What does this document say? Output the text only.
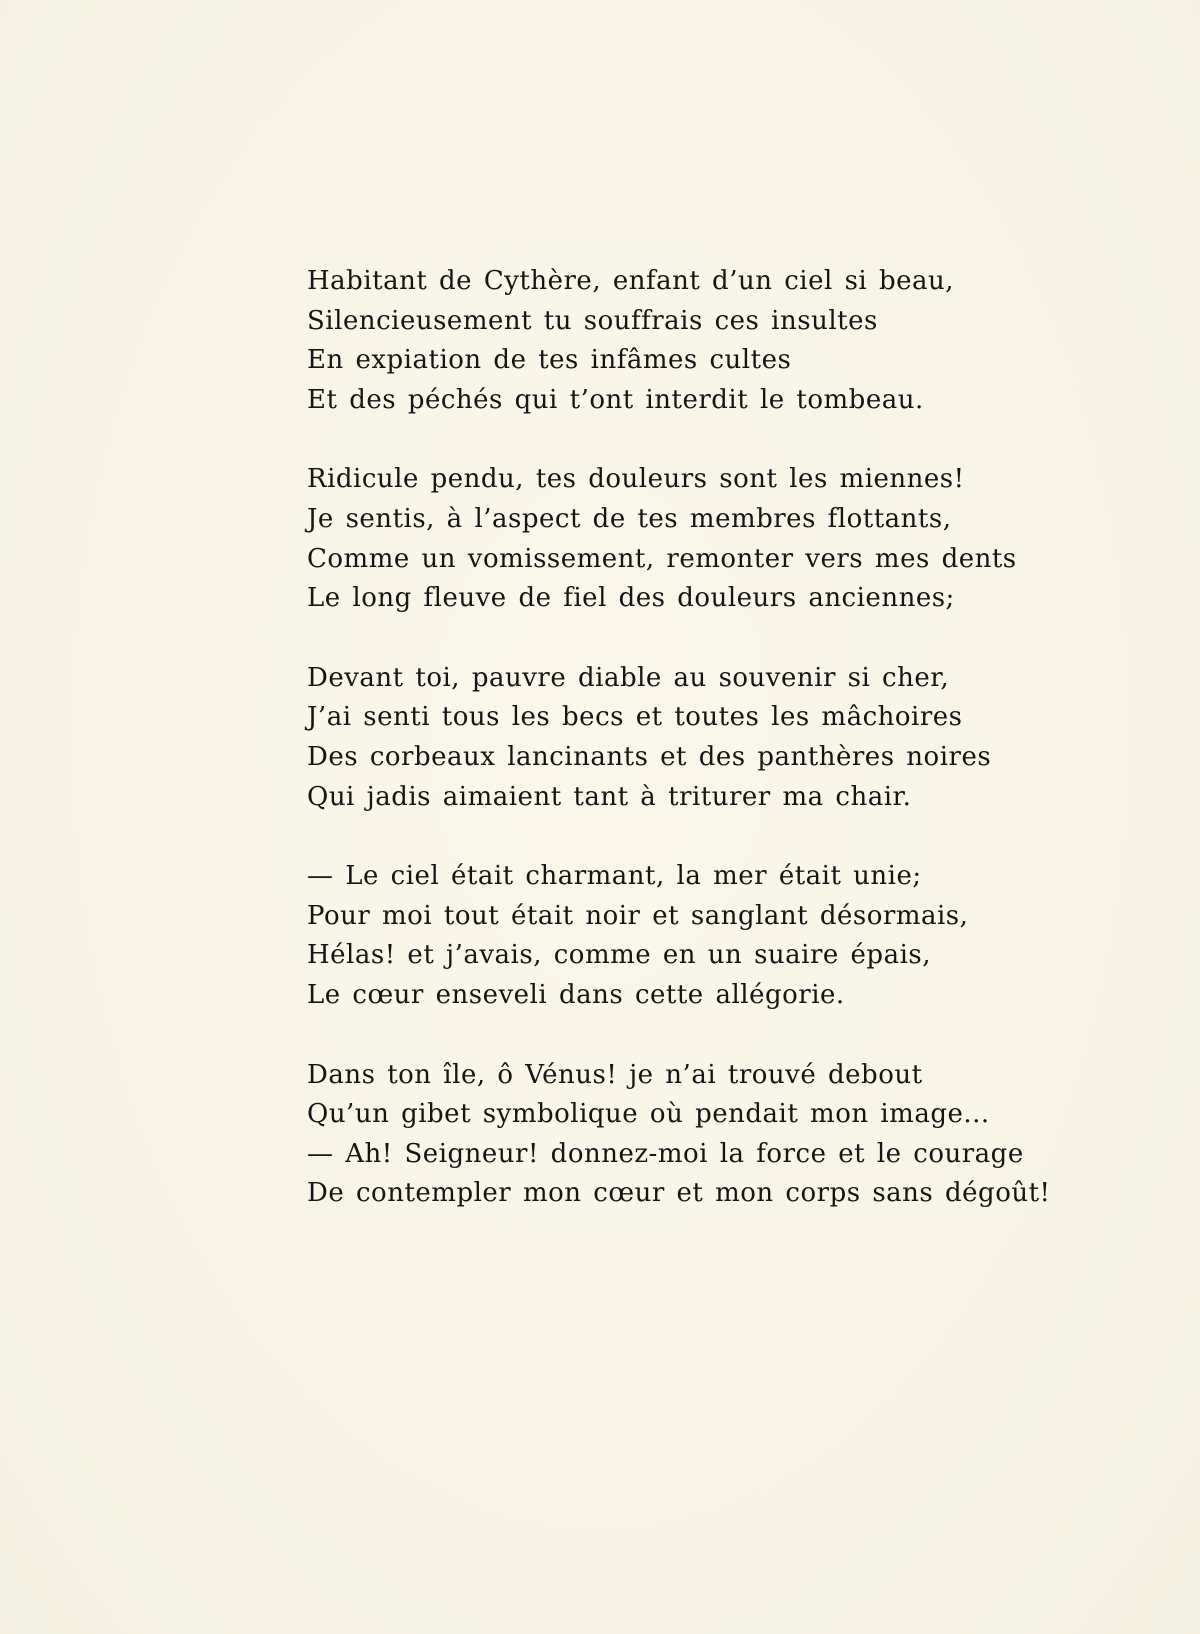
Habitant de Cythère, enfant d’un ciel si beau,
Silencieusement tu souffrais ces insultes
En expiation de tes infâmes cultes
Et des péchés qui t’ont interdit le tombeau.
Ridicule pendu, tes douleurs sont les miennes!
Je sentis, à l’aspect de tes membres flottants,
Comme un vomissement, remonter vers mes dents
Le long fleuve de fiel des douleurs anciennes;
Devant toi, pauvre diable au souvenir si cher,
J’ai senti tous les becs et toutes les mâchoires
Des corbeaux lancinants et des panthères noires
Qui jadis aimaient tant à triturer ma chair.
— Le ciel était charmant, la mer était unie;
Pour moi tout était noir et sanglant désormais,
Hélas! et j’avais, comme en un suaire épais,
Le cœur enseveli dans cette allégorie.
Dans ton île, ô Vénus! je n’ai trouvé debout
Qu’un gibet symbolique où pendait mon image...
— Ah! Seigneur! donnez-moi la force et le courage
De contempler mon cœur et mon corps sans dégoût!
